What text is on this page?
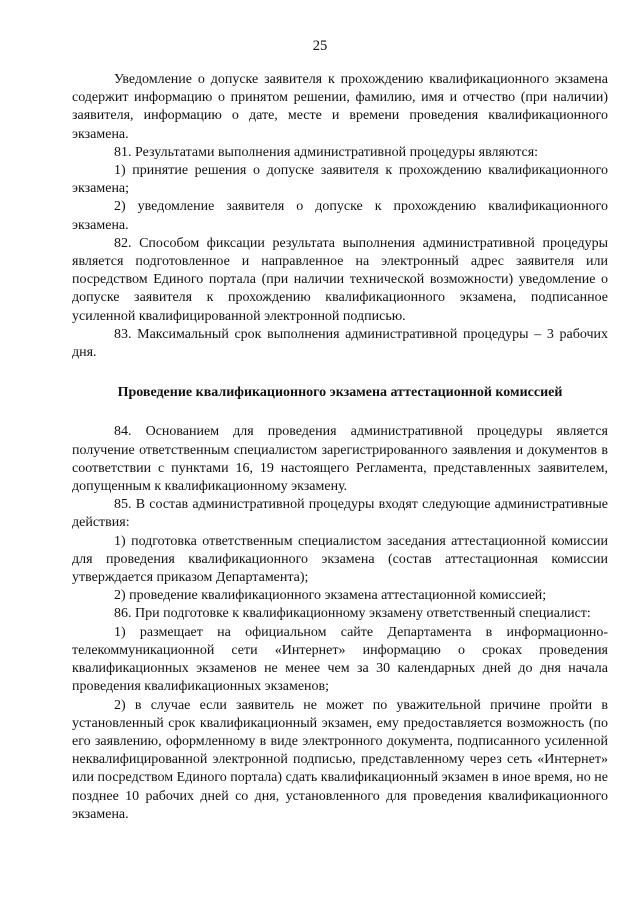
25

Уведомление о допуске заявителя к прохождению квалификационного экзамена содержит информацию о принятом решении, фамилию, имя и отчество (при наличии) заявителя, информацию о дате, месте и времени проведения квалификационного экзамена.

81. Результатами выполнения административной процедуры являются:

1) принятие решения о допуске заявителя к прохождению квалификационного экзамена;

2) уведомление заявителя о допуске к прохождению квалификационного экзамена.

82. Способом фиксации результата выполнения административной процедуры является подготовленное и направленное на электронный адрес заявителя или посредством Единого портала (при наличии технической возможности) уведомление о допуске заявителя к прохождению квалификационного экзамена, подписанное усиленной квалифицированной электронной подписью.

83. Максимальный срок выполнения административной процедуры – 3 рабочих дня.

Проведение квалификационного экзамена аттестационной комиссией

84. Основанием для проведения административной процедуры является получение ответственным специалистом зарегистрированного заявления и документов в соответствии с пунктами 16, 19 настоящего Регламента, представленных заявителем, допущенным к квалификационному экзамену.

85. В состав административной процедуры входят следующие административные действия:

1) подготовка ответственным специалистом заседания аттестационной комиссии для проведения квалификационного экзамена (состав аттестационная комиссии утверждается приказом Департамента);

2) проведение квалификационного экзамена аттестационной комиссией;

86. При подготовке к квалификационному экзамену ответственный специалист:

1) размещает на официальном сайте Департамента в информационно-телекоммуникационной сети «Интернет» информацию о сроках проведения квалификационных экзаменов не менее чем за 30 календарных дней до дня начала проведения квалификационных экзаменов;

2) в случае если заявитель не может по уважительной причине пройти в установленный срок квалификационный экзамен, ему предоставляется возможность (по его заявлению, оформленному в виде электронного документа, подписанного усиленной неквалифицированной электронной подписью, представленному через сеть «Интернет» или посредством Единого портала) сдать квалификационный экзамен в иное время, но не позднее 10 рабочих дней со дня, установленного для проведения квалификационного экзамена.
